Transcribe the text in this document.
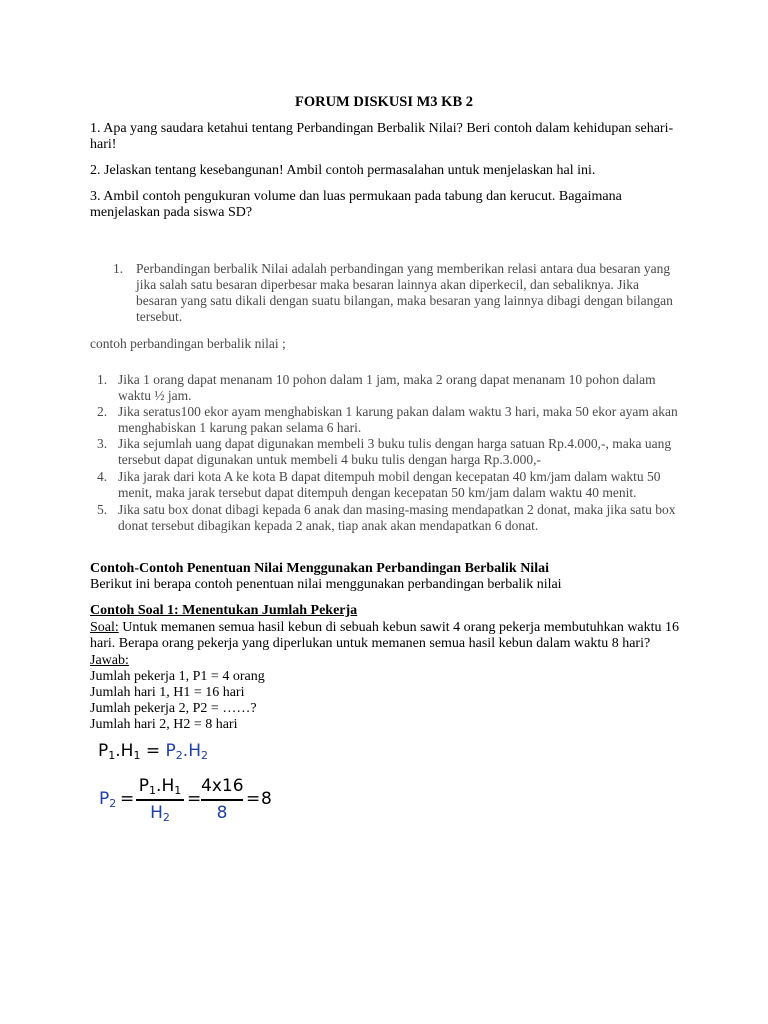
FORUM DISKUSI M3 KB 2

1. Apa yang saudara ketahui tentang Perbandingan Berbalik Nilai? Beri contoh dalam kehidupan sehari-hari!

2. Jelaskan tentang kesebangunan! Ambil contoh permasalahan untuk menjelaskan hal ini.

3. Ambil contoh pengukuran volume dan luas permukaan pada tabung dan kerucut. Bagaimana menjelaskan pada siswa SD?

1. Perbandingan berbalik Nilai adalah perbandingan yang memberikan relasi antara dua besaran yang jika salah satu besaran diperbesar maka besaran lainnya akan diperkecil, dan sebaliknya. Jika besaran yang satu dikali dengan suatu bilangan, maka besaran yang lainnya dibagi dengan bilangan tersebut.

contoh perbandingan berbalik nilai ;

1. Jika 1 orang dapat menanam 10 pohon dalam 1 jam, maka 2 orang dapat menanam 10 pohon dalam waktu ½ jam.

2. Jika seratus100 ekor ayam menghabiskan 1 karung pakan dalam waktu 3 hari, maka 50 ekor ayam akan menghabiskan 1 karung pakan selama 6 hari.

3. Jika sejumlah uang dapat digunakan membeli 3 buku tulis dengan harga satuan Rp.4.000,-, maka uang tersebut dapat digunakan untuk membeli 4 buku tulis dengan harga Rp.3.000,-

4. Jika jarak dari kota A ke kota B dapat ditempuh mobil dengan kecepatan 40 km/jam dalam waktu 50 menit, maka jarak tersebut dapat ditempuh dengan kecepatan 50 km/jam dalam waktu 40 menit.

5. Jika satu box donat dibagi kepada 6 anak dan masing-masing mendapatkan 2 donat, maka jika satu box donat tersebut dibagikan kepada 2 anak, tiap anak akan mendapatkan 6 donat.

Contoh-Contoh Penentuan Nilai Menggunakan Perbandingan Berbalik Nilai

Berikut ini berapa contoh penentuan nilai menggunakan perbandingan berbalik nilai

Contoh Soal 1: Menentukan Jumlah Pekerja

Soal: Untuk memanen semua hasil kebun di sebuah kebun sawit 4 orang pekerja membutuhkan waktu 16 hari. Berapa orang pekerja yang diperlukan untuk memanen semua hasil kebun dalam waktu 8 hari?

Jawab:

Jumlah pekerja 1, P1 = 4 orang

Jumlah hari 1, H1 = 16 hari

Jumlah pekerja 2, P2 = ……?

Jumlah hari 2, H2 = 8 hari

$P_1.H_1 = P_2.H_2$
$P_2$ =
$P_1.H_1$
$H_2$
=
4x16
8
= 8
